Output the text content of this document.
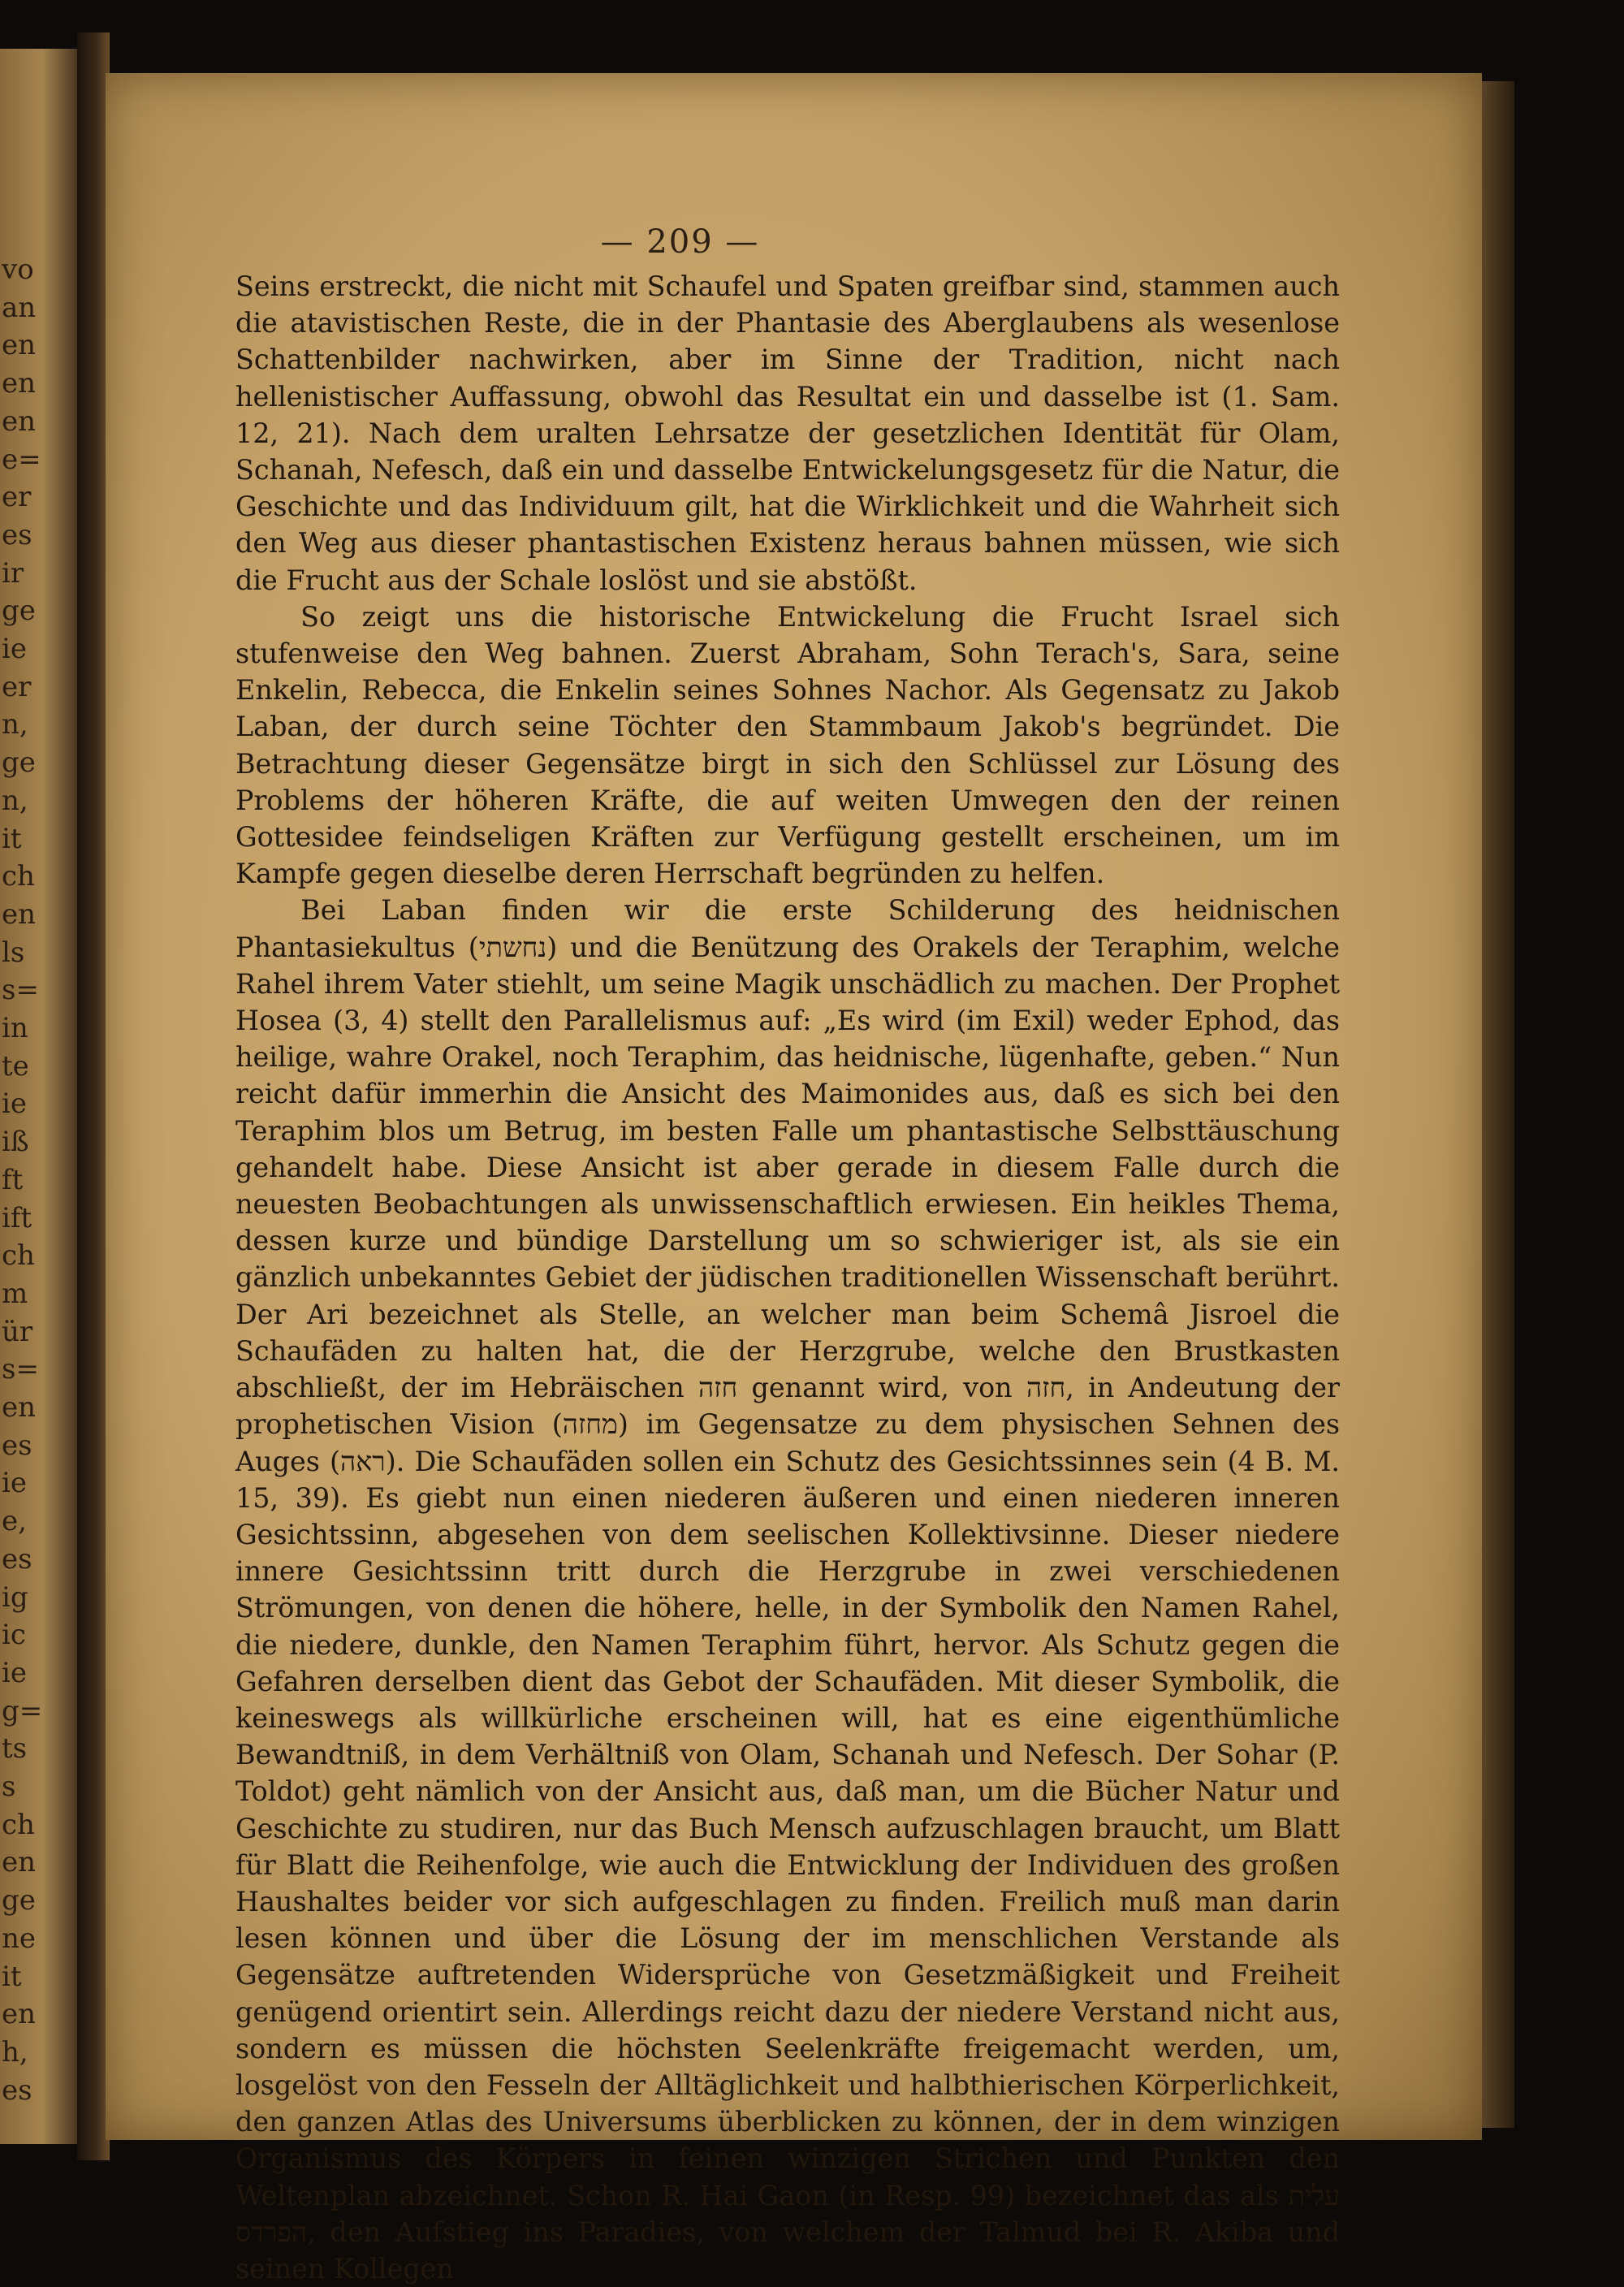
vo
an
en
en
en
e=
er
es
ir
ge
ie
er
n,
ge
n,
it
ch
en
ls
s=
in
te
ie
iß
ft
ift
ch
m
ür
s=
en
es
ie
e,
es
ig
ic
ie
g=
ts
s
ch
en
ge
ne
it
en
h,
es
— 209 —

Seins erstreckt, die nicht mit Schaufel und Spaten greifbar sind, stammen auch die atavistischen Reste, die in der Phantasie des Aberglaubens als wesenlose Schattenbilder nachwirken, aber im Sinne der Tradition, nicht nach hellenistischer Auffassung, obwohl das Resultat ein und dasselbe ist (1. Sam. 12, 21). Nach dem uralten Lehrsatze der gesetzlichen Identität für Olam, Schanah, Nefesch, daß ein und dasselbe Entwickelungsgesetz für die Natur, die Geschichte und das Individuum gilt, hat die Wirklichkeit und die Wahrheit sich den Weg aus dieser phantastischen Existenz heraus bahnen müssen, wie sich die Frucht aus der Schale loslöst und sie abstößt.

So zeigt uns die historische Entwickelung die Frucht Israel sich stufenweise den Weg bahnen. Zuerst Abraham, Sohn Terach's, Sara, seine Enkelin, Rebecca, die Enkelin seines Sohnes Nachor. Als Gegensatz zu Jakob Laban, der durch seine Töchter den Stammbaum Jakob's begründet. Die Betrachtung dieser Gegensätze birgt in sich den Schlüssel zur Lösung des Problems der höheren Kräfte, die auf weiten Umwegen den der reinen Gottesidee feindseligen Kräften zur Verfügung gestellt erscheinen, um im Kampfe gegen dieselbe deren Herrschaft begründen zu helfen.

Bei Laban finden wir die erste Schilderung des heidnischen Phantasiekultus (נחשתי) und die Benützung des Orakels der Teraphim, welche Rahel ihrem Vater stiehlt, um seine Magik unschädlich zu machen. Der Prophet Hosea (3, 4) stellt den Parallelismus auf: „Es wird (im Exil) weder Ephod, das heilige, wahre Orakel, noch Teraphim, das heidnische, lügenhafte, geben.“ Nun reicht dafür immerhin die Ansicht des Maimonides aus, daß es sich bei den Teraphim blos um Betrug, im besten Falle um phantastische Selbsttäuschung gehandelt habe. Diese Ansicht ist aber gerade in diesem Falle durch die neuesten Beobachtungen als unwissenschaftlich erwiesen. Ein heikles Thema, dessen kurze und bündige Darstellung um so schwieriger ist, als sie ein gänzlich unbekanntes Gebiet der jüdischen traditionellen Wissenschaft berührt. Der Ari bezeichnet als Stelle, an welcher man beim Schemâ Jisroel die Schaufäden zu halten hat, die der Herzgrube, welche den Brustkasten abschließt, der im Hebräischen חזה genannt wird, von חזה, in Andeutung der prophetischen Vision (מחזה) im Gegensatze zu dem physischen Sehnen des Auges (ראה). Die Schaufäden sollen ein Schutz des Gesichtssinnes sein (4 B. M. 15, 39). Es giebt nun einen niederen äußeren und einen niederen inneren Gesichtssinn, abgesehen von dem seelischen Kollektivsinne. Dieser niedere innere Gesichtssinn tritt durch die Herzgrube in zwei verschiedenen Strömungen, von denen die höhere, helle, in der Symbolik den Namen Rahel, die niedere, dunkle, den Namen Teraphim führt, hervor. Als Schutz gegen die Gefahren derselben dient das Gebot der Schaufäden. Mit dieser Symbolik, die keineswegs als willkürliche erscheinen will, hat es eine eigenthümliche Bewandtniß, in dem Verhältniß von Olam, Schanah und Nefesch. Der Sohar (P. Toldot) geht nämlich von der Ansicht aus, daß man, um die Bücher Natur und Geschichte zu studiren, nur das Buch Mensch aufzuschlagen braucht, um Blatt für Blatt die Reihenfolge, wie auch die Entwicklung der Individuen des großen Haushaltes beider vor sich aufgeschlagen zu finden. Freilich muß man darin lesen können und über die Lösung der im menschlichen Verstande als Gegensätze auftretenden Widersprüche von Gesetzmäßigkeit und Freiheit genügend orientirt sein. Allerdings reicht dazu der niedere Verstand nicht aus, sondern es müssen die höchsten Seelenkräfte freigemacht werden, um, losgelöst von den Fesseln der Alltäglichkeit und halbthierischen Körperlichkeit, den ganzen Atlas des Universums überblicken zu können, der in dem winzigen Organismus des Körpers in feinen winzigen Strichen und Punkten den Weltenplan abzeichnet. Schon R. Hai Gaon (in Resp. 99) bezeichnet das als עלית הפרדס, den Aufstieg ins Paradies, von welchem der Talmud bei R. Akiba und seinen Kollegen
